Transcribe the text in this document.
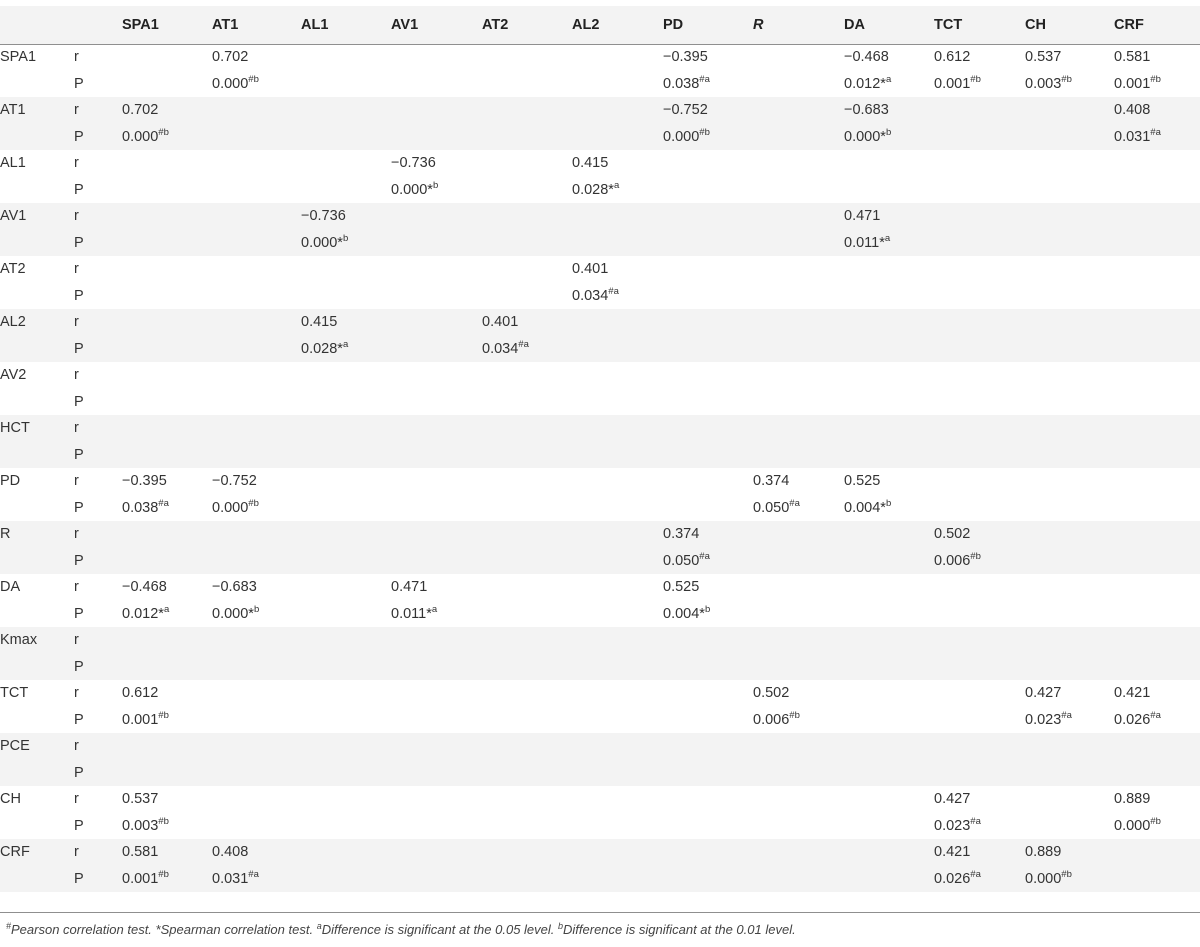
		SPA1	AT1	AL1	AV1	AT2	AL2	PD	R	DA	TCT	CH	CRF	
SPA1	r		0.702					−0.395		−0.468	0.612	0.537	0.581	
	P		0.000$^{\#b}$					0.038$^{\#a}$		0.012*$^a$	0.001$^{\#b}$	0.003$^{\#b}$	0.001$^{\#b}$	
AT1	r	0.702						−0.752		−0.683			0.408	
	P	0.000$^{\#b}$						0.000$^{\#b}$		0.000*$^b$			0.031$^{\#a}$	
AL1	r				−0.736		0.415							
	P				0.000*$^b$		0.028*$^a$							
AV1	r			−0.736						0.471				
	P			0.000*$^b$						0.011*$^a$				
AT2	r						0.401							
	P						0.034$^{\#a}$							
AL2	r			0.415		0.401								
	P			0.028*$^a$		0.034$^{\#a}$								
AV2	r													
	P													
HCT	r													
	P													
PD	r	−0.395	−0.752						0.374	0.525				
	P	0.038$^{\#a}$	0.000$^{\#b}$						0.050$^{\#a}$	0.004*$^b$				
R	r							0.374			0.502			
	P							0.050$^{\#a}$			0.006$^{\#b}$			
DA	r	−0.468	−0.683		0.471			0.525						
	P	0.012*$^a$	0.000*$^b$		0.011*$^a$			0.004*$^b$						
Kmax	r													
	P													
TCT	r	0.612							0.502			0.427	0.421	
	P	0.001$^{\#b}$							0.006$^{\#b}$			0.023$^{\#a}$	0.026$^{\#a}$	
PCE	r													
	P													
CH	r	0.537									0.427		0.889	
	P	0.003$^{\#b}$									0.023$^{\#a}$		0.000$^{\#b}$	
CRF	r	0.581	0.408								0.421	0.889		
	P	0.001$^{\#b}$	0.031$^{\#a}$								0.026$^{\#a}$	0.000$^{\#b}$		
#Pearson correlation test. *Spearman correlation test. $^a$Difference is significant at the 0.05 level. $^b$Difference is significant at the 0.01 level.
